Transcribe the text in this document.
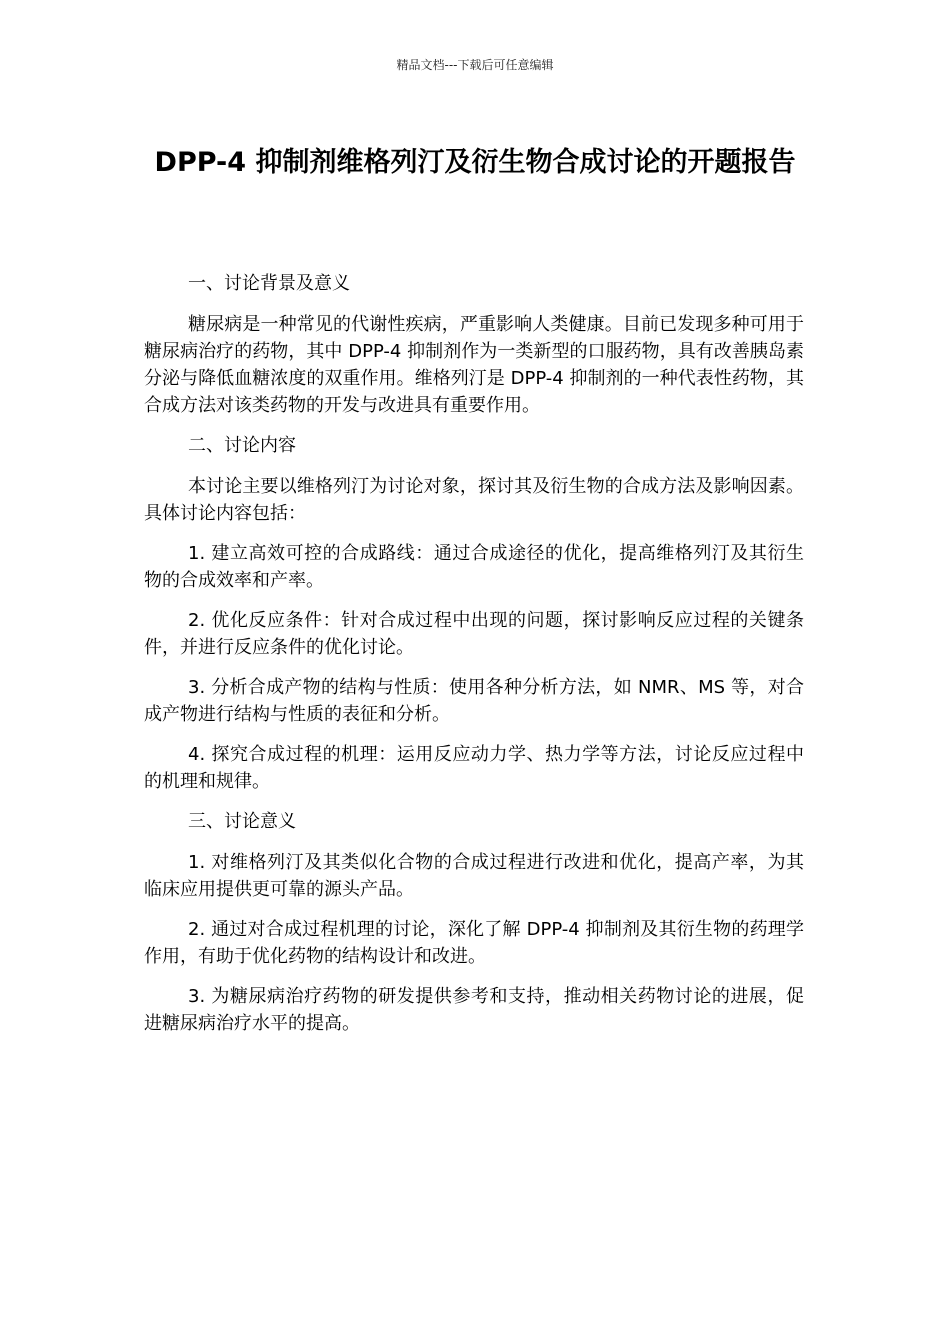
精品文档---下载后可任意编辑
DPP-4 抑制剂维格列汀及衍生物合成讨论的开题报告

一、讨论背景及意义

糖尿病是一种常见的代谢性疾病，严重影响人类健康。目前已发现多种可用于糖尿病治疗的药物，其中 DPP-4 抑制剂作为一类新型的口服药物，具有改善胰岛素分泌与降低血糖浓度的双重作用。维格列汀是 DPP-4 抑制剂的一种代表性药物，其合成方法对该类药物的开发与改进具有重要作用。

二、讨论内容

本讨论主要以维格列汀为讨论对象，探讨其及衍生物的合成方法及影响因素。具体讨论内容包括：

1. 建立高效可控的合成路线：通过合成途径的优化，提高维格列汀及其衍生物的合成效率和产率。

2. 优化反应条件：针对合成过程中出现的问题，探讨影响反应过程的关键条件，并进行反应条件的优化讨论。

3. 分析合成产物的结构与性质：使用各种分析方法，如 NMR、MS 等，对合成产物进行结构与性质的表征和分析。

4. 探究合成过程的机理：运用反应动力学、热力学等方法，讨论反应过程中的机理和规律。

三、讨论意义

1. 对维格列汀及其类似化合物的合成过程进行改进和优化，提高产率，为其临床应用提供更可靠的源头产品。

2. 通过对合成过程机理的讨论，深化了解 DPP-4 抑制剂及其衍生物的药理学作用，有助于优化药物的结构设计和改进。

3. 为糖尿病治疗药物的研发提供参考和支持，推动相关药物讨论的进展，促进糖尿病治疗水平的提高。
